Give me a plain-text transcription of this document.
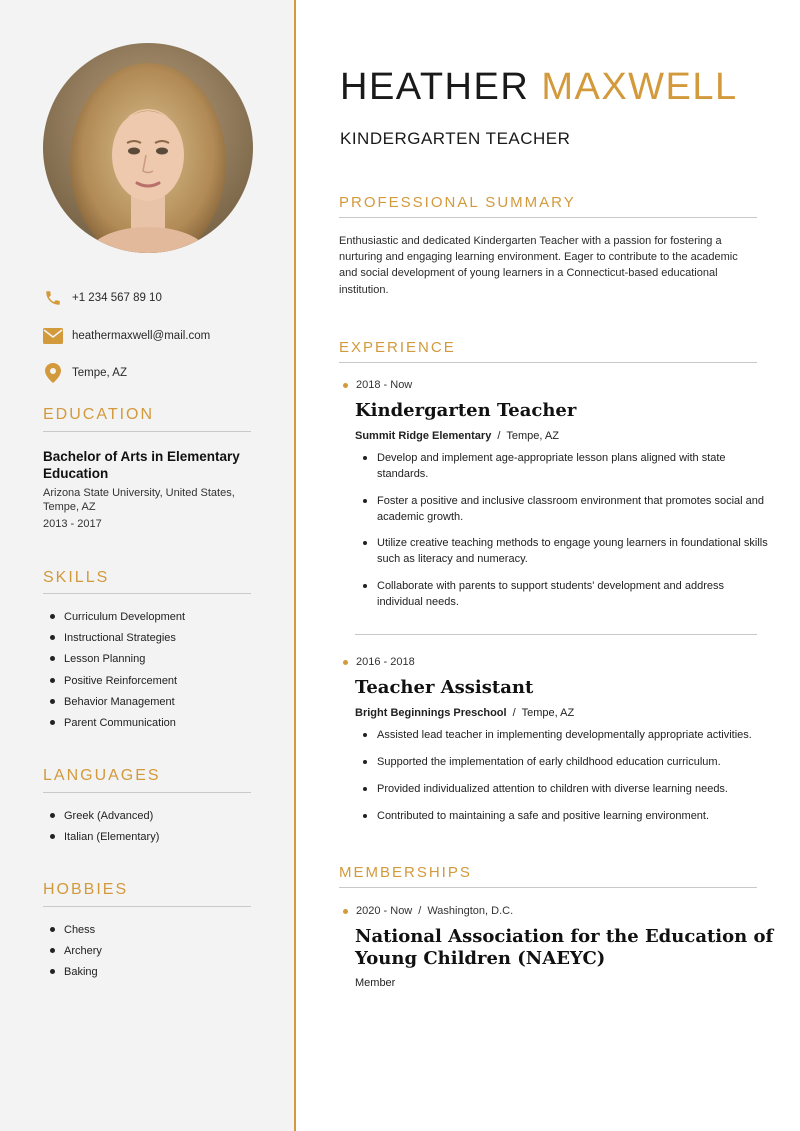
+1 234 567 89 10
heathermaxwell@mail.com
Tempe, AZ
EDUCATION
Bachelor of Arts in Elementary Education
Arizona State University, United States, Tempe, AZ
2013 - 2017
SKILLS
Curriculum Development
Instructional Strategies
Lesson Planning
Positive Reinforcement
Behavior Management
Parent Communication
LANGUAGES
Greek (Advanced)
Italian (Elementary)
HOBBIES
Chess
Archery
Baking
HEATHER MAXWELL
KINDERGARTEN TEACHER
PROFESSIONAL SUMMARY
Enthusiastic and dedicated Kindergarten Teacher with a passion for fostering a nurturing and engaging learning environment. Eager to contribute to the academic and social development of young learners in a Connecticut-based educational institution.
EXPERIENCE
2018 - Now
Kindergarten Teacher
Summit Ridge Elementary / Tempe, AZ
Develop and implement age-appropriate lesson plans aligned with state standards.
Foster a positive and inclusive classroom environment that promotes social and academic growth.
Utilize creative teaching methods to engage young learners in foundational skills such as literacy and numeracy.
Collaborate with parents to support students' development and address individual needs.
2016 - 2018
Teacher Assistant
Bright Beginnings Preschool / Tempe, AZ
Assisted lead teacher in implementing developmentally appropriate activities.
Supported the implementation of early childhood education curriculum.
Provided individualized attention to children with diverse learning needs.
Contributed to maintaining a safe and positive learning environment.
MEMBERSHIPS
2020 - Now / Washington, D.C.
National Association for the Education of Young Children (NAEYC)
Member
